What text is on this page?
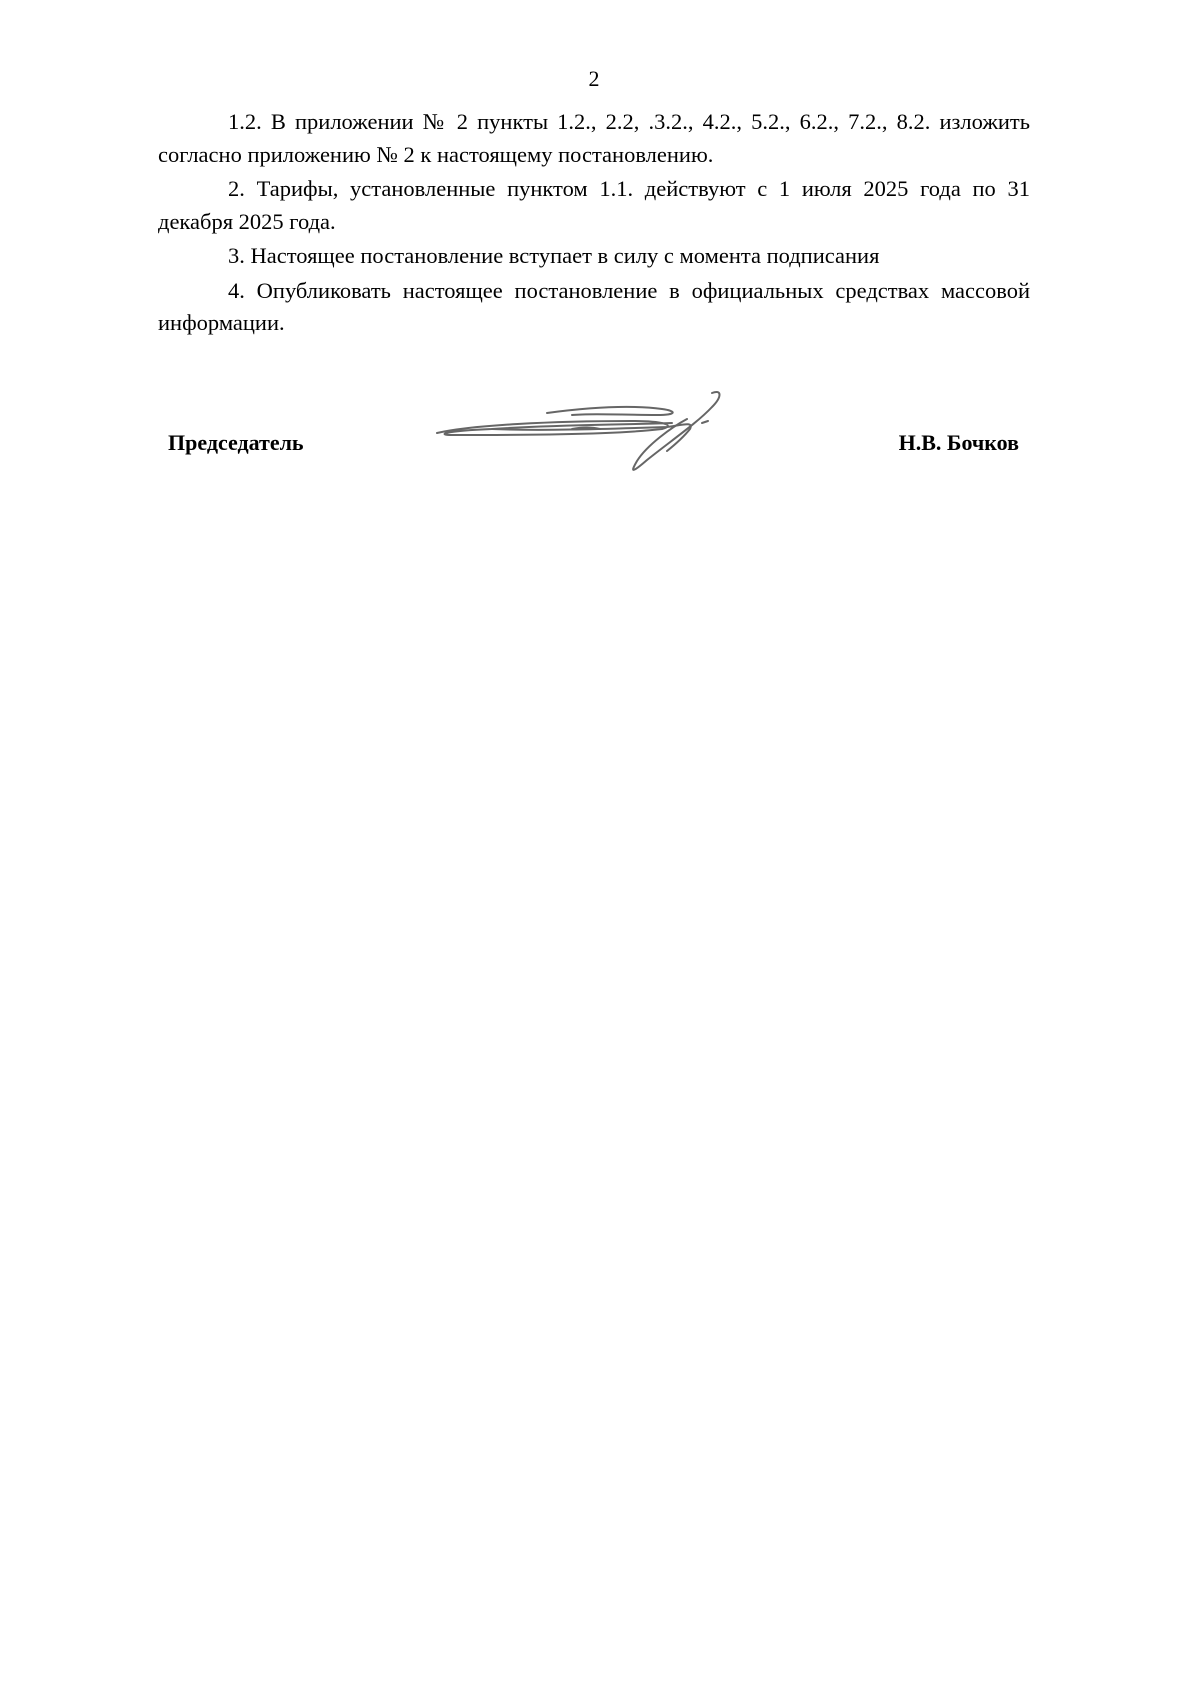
2

1.2. В приложении № 2 пункты 1.2., 2.2, .3.2., 4.2., 5.2., 6.2., 7.2., 8.2. изложить согласно приложению № 2 к настоящему постановлению.

2. Тарифы, установленные пунктом 1.1. действуют с 1 июля 2025 года по 31 декабря 2025 года.

3. Настоящее постановление вступает в силу с момента подписания

4. Опубликовать настоящее постановление в официальных средствах массовой информации.

Председатель	Н.В. Бочков
